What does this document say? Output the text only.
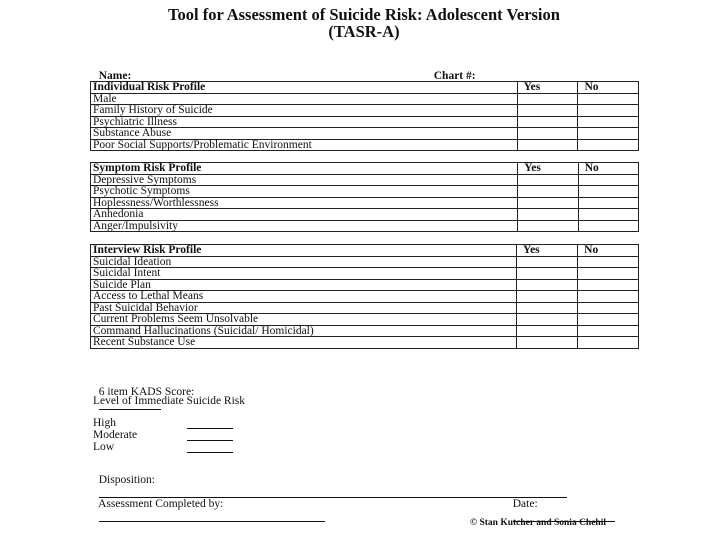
Tool for Assessment of Suicide Risk: Adolescent Version
(TASR-A)

Name:
	Chart #:

Individual Risk Profile	Yes	No
Male		
Family History of Suicide		
Psychiatric Illness		
Substance Abuse		
Poor Social Supports/Problematic Environment		
Symptom Risk Profile	Yes	No
Depressive Symptoms		
Psychotic Symptoms		
Hoplessness/Worthlessness		
Anhedonia		
Anger/Impulsivity		
Interview Risk Profile	Yes	No
Suicidal Ideation		
Suicidal Intent		
Suicide Plan		
Access to Lethal Means		
Past Suicidal Behavior		
Current Problems Seem Unsolvable		
Command Hallucinations (Suicidal/ Homicidal)		
Recent Substance Use		

6 item KADS Score:

Level of Immediate Suicide Risk
High
Moderate
Low

Disposition:

Assessment Completed by:
	Date:

© Stan Kutcher and Sonia Chehil
